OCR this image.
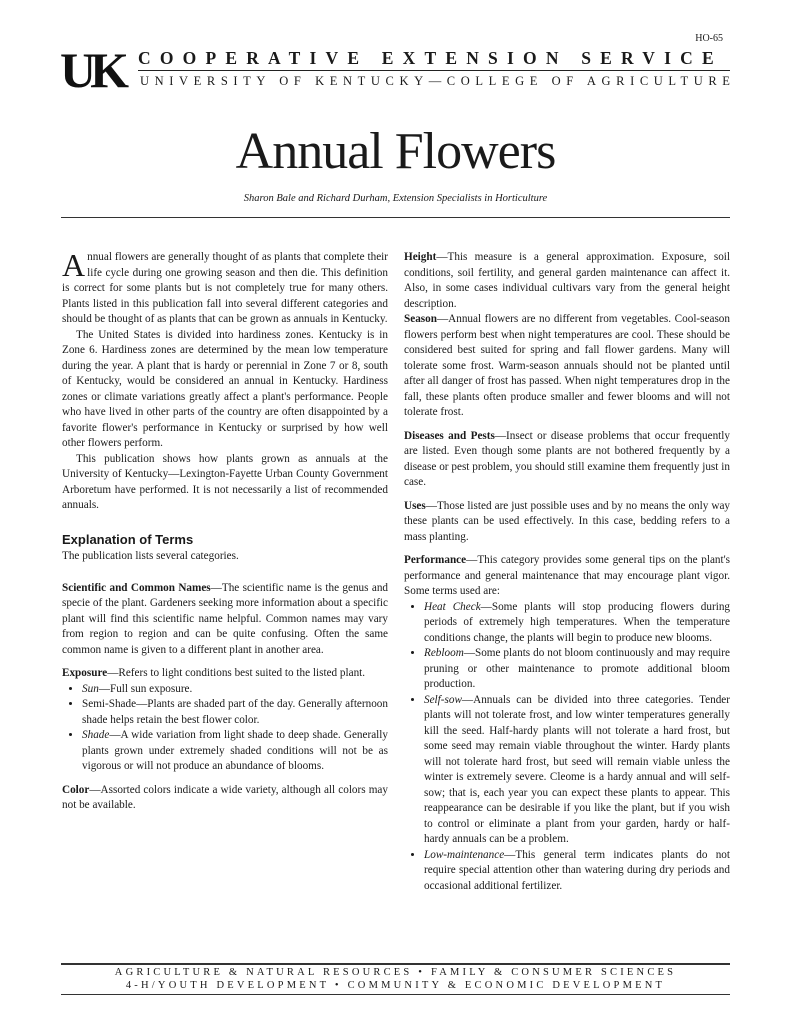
HO-65
UK COOPERATIVE EXTENSION SERVICE
UNIVERSITY OF KENTUCKY—COLLEGE OF AGRICULTURE
Annual Flowers
Sharon Bale and Richard Durham, Extension Specialists in Horticulture

Annual flowers are generally thought of as plants that complete their life cycle during one growing season and then die. This definition is correct for some plants but is not completely true for many others. Plants listed in this publication fall into several different categories and should be thought of as plants that can be grown as annuals in Kentucky.

The United States is divided into hardiness zones. Kentucky is in Zone 6. Hardiness zones are determined by the mean low temperature during the year. A plant that is hardy or perennial in Zone 7 or 8, south of Kentucky, would be considered an annual in Kentucky. Hardiness zones or climate variations greatly affect a plant's performance. People who have lived in other parts of the country are often disappointed by a favorite flower's performance in Kentucky or surprised by how well other flowers perform.

This publication shows how plants grown as annuals at the University of Kentucky—Lexington-Fayette Urban County Government Arboretum have performed. It is not necessarily a list of recommended annuals.

Explanation of Terms

The publication lists several categories.

Scientific and Common Names—The scientific name is the genus and specie of the plant. Gardeners seeking more information about a specific plant will find this scientific name helpful. Common names may vary from region to region and can be quite confusing. Often the same common name is given to a different plant in another area.

Exposure—Refers to light conditions best suited to the listed plant.

• Sun—Full sun exposure.
• Semi-Shade—Plants are shaded part of the day. Generally afternoon shade helps retain the best flower color.
• Shade—A wide variation from light shade to deep shade. Generally plants grown under extremely shaded conditions will not be as vigorous or will not produce an abundance of blooms.

Color—Assorted colors indicate a wide variety, although all colors may not be available.

Height—This measure is a general approximation. Exposure, soil conditions, soil fertility, and general garden maintenance can affect it. Also, in some cases individual cultivars vary from the general height description.

Season—Annual flowers are no different from vegetables. Cool-season flowers perform best when night temperatures are cool. These should be considered best suited for spring and fall flower gardens. Many will tolerate some frost. Warm-season annuals should not be planted until after all danger of frost has passed. When night temperatures drop in the fall, these plants often produce smaller and fewer blooms and will not tolerate frost.

Diseases and Pests—Insect or disease problems that occur frequently are listed. Even though some plants are not bothered frequently by a disease or pest problem, you should still examine them frequently just in case.

Uses—Those listed are just possible uses and by no means the only way these plants can be used effectively. In this case, bedding refers to a mass planting.

Performance—This category provides some general tips on the plant's performance and general maintenance that may encourage plant vigor. Some terms used are:

• Heat Check—Some plants will stop producing flowers during periods of extremely high temperatures. When the temperature conditions change, the plants will begin to produce new blooms.
• Rebloom—Some plants do not bloom continuously and may require pruning or other maintenance to promote additional bloom production.
• Self-sow—Annuals can be divided into three categories. Tender plants will not tolerate frost, and low winter temperatures generally kill the seed. Half-hardy plants will not tolerate a hard frost, but some seed may remain viable throughout the winter. Hardy plants will not tolerate hard frost, but seed will remain viable unless the winter is extremely severe. Cleome is a hardy annual and will self-sow; that is, each year you can expect these plants to appear. This reappearance can be desirable if you like the plant, but if you wish to control or eliminate a plant from your garden, hardy or half-hardy annuals can be a problem.
• Low-maintenance—This general term indicates plants do not require special attention other than watering during dry periods and occasional additional fertilizer.
AGRICULTURE & NATURAL RESOURCES • FAMILY & CONSUMER SCIENCES
4-H/YOUTH DEVELOPMENT • COMMUNITY & ECONOMIC DEVELOPMENT
